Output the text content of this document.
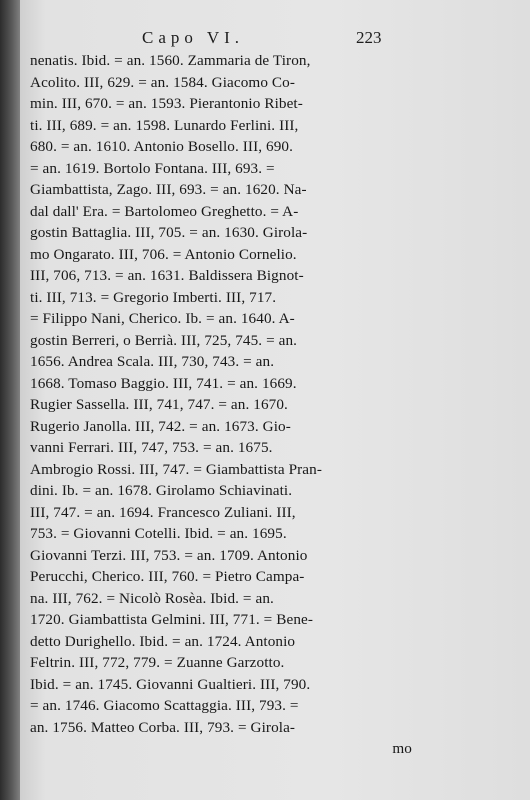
Capo VI.	223
nenatis. Ibid. = an. 1560. Zammaria de Tiron,
Acolito. III, 629. = an. 1584. Giacomo Co-
min. III, 670. = an. 1593. Pierantonio Ribet-
ti. III, 689. = an. 1598. Lunardo Ferlini. III,
680. = an. 1610. Antonio Bosello. III, 690.
= an. 1619. Bortolo Fontana. III, 693. =
Giambattista, Zago. III, 693. = an. 1620. Na-
dal dall' Era. = Bartolomeo Greghetto. = A-
gostin Battaglia. III, 705. = an. 1630. Girola-
mo Ongarato. III, 706. = Antonio Cornelio.
III, 706, 713. = an. 1631. Baldissera Bignot-
ti. III, 713. = Gregorio Imberti. III, 717.
= Filippo Nani, Cherico. Ib. = an. 1640. A-
gostin Berreri, o Berrià. III, 725, 745. = an.
1656. Andrea Scala. III, 730, 743. = an.
1668. Tomaso Baggio. III, 741. = an. 1669.
Rugier Sassella. III, 741, 747. = an. 1670.
Rugerio Janolla. III, 742. = an. 1673. Gio-
vanni Ferrari. III, 747, 753. = an. 1675.
Ambrogio Rossi. III, 747. = Giambattista Pran-
dini. Ib. = an. 1678. Girolamo Schiavinati.
III, 747. = an. 1694. Francesco Zuliani. III,
753. = Giovanni Cotelli. Ibid. = an. 1695.
Giovanni Terzi. III, 753. = an. 1709. Antonio
Perucchi, Cherico. III, 760. = Pietro Campa-
na. III, 762. = Nicolò Rosèa. Ibid. = an.
1720. Giambattista Gelmini. III, 771. = Bene-
detto Durighello. Ibid. = an. 1724. Antonio
Feltrin. III, 772, 779. = Zuanne Garzotto.
Ibid. = an. 1745. Giovanni Gualtieri. III, 790.
= an. 1746. Giacomo Scattaggia. III, 793. =
an. 1756. Matteo Corba. III, 793. = Girola-
mo
